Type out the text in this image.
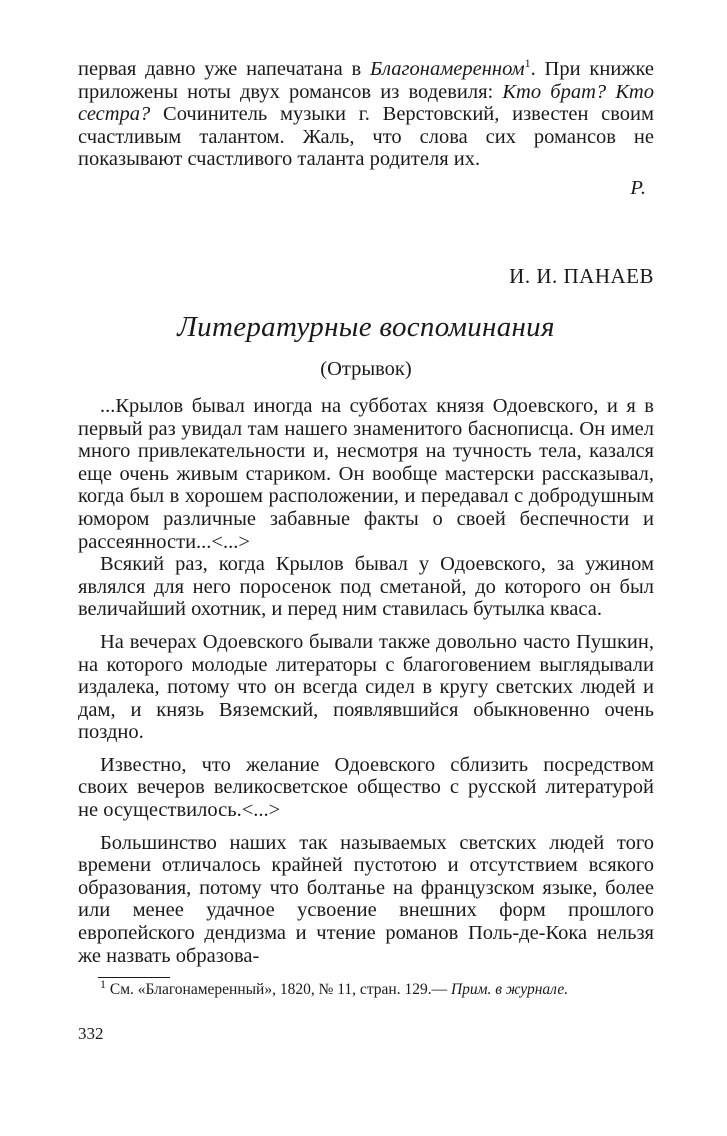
первая давно уже напечатана в Благонамеренном$^1$. При книжке приложены ноты двух романсов из водевиля: Кто брат? Кто сестра? Сочинитель музыки г. Верстовский, известен своим счастливым талантом. Жаль, что слова сих романсов не показывают счастливого таланта родителя их.

Р.
И. И. ПАНАЕВ
Литературные воспоминания
(Отрывок)

...Крылов бывал иногда на субботах князя Одоевского, и я в первый раз увидал там нашего знаменитого баснописца. Он имел много привлекательности и, несмотря на тучность тела, казался еще очень живым стариком. Он вообще мастерски рассказывал, когда был в хорошем расположении, и передавал с добродушным юмором различные забавные факты о своей беспечности и рассеянности...<...>

Всякий раз, когда Крылов бывал у Одоевского, за ужином являлся для него поросенок под сметаной, до которого он был величайший охотник, и перед ним ставилась бутылка кваса.

На вечерах Одоевского бывали также довольно часто Пушкин, на которого молодые литераторы с благоговением выглядывали издалека, потому что он всегда сидел в кругу светских людей и дам, и князь Вяземский, появлявшийся обыкновенно очень поздно.

Известно, что желание Одоевского сблизить посредством своих вечеров великосветское общество с русской литературой не осуществилось.<...>

Большинство наших так называемых светских людей того времени отличалось крайней пустотою и отсутствием всякого образования, потому что болтанье на французском языке, более или менее удачное усвоение внешних форм прошлого европейского дендизма и чтение романов Поль-де-Кока нельзя же назвать образова-

$^1$ См. «Благонамеренный», 1820, № 11, стран. 129.— Прим. в журнале.
332
